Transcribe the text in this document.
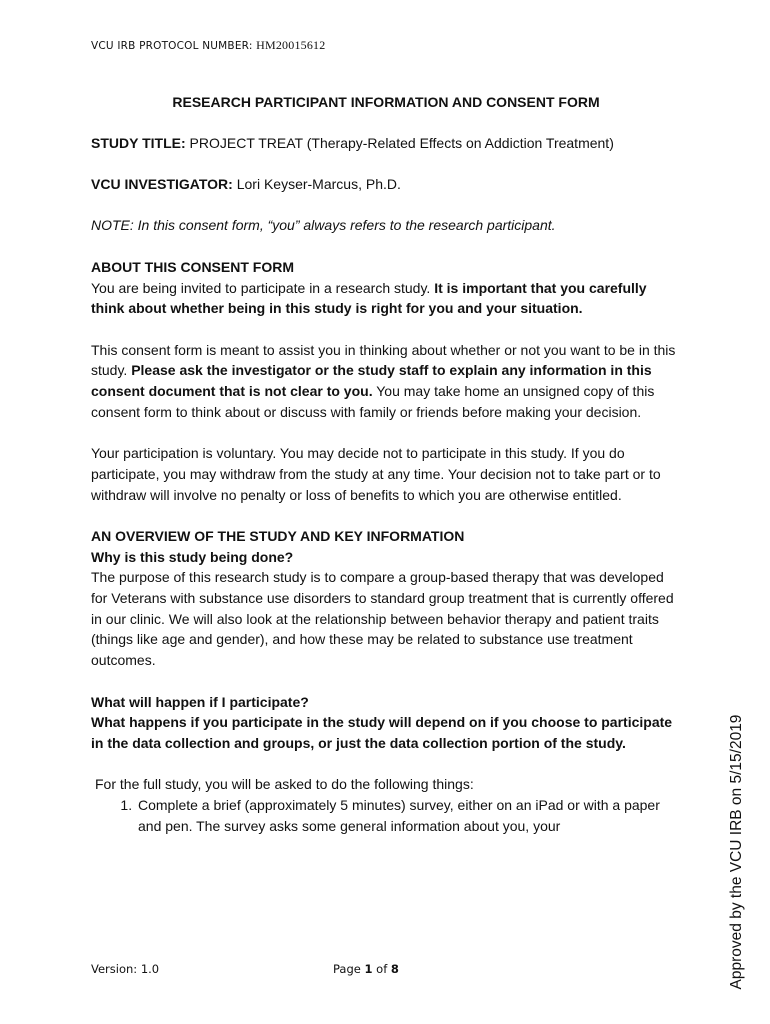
VCU IRB PROTOCOL NUMBER: HM20015612

RESEARCH PARTICIPANT INFORMATION AND CONSENT FORM

STUDY TITLE: PROJECT TREAT (Therapy-Related Effects on Addiction Treatment)

VCU INVESTIGATOR: Lori Keyser-Marcus, Ph.D.

NOTE: In this consent form, “you” always refers to the research participant.

ABOUT THIS CONSENT FORM

You are being invited to participate in a research study. It is important that you carefully think about whether being in this study is right for you and your situation.

This consent form is meant to assist you in thinking about whether or not you want to be in this study. Please ask the investigator or the study staff to explain any information in this consent document that is not clear to you. You may take home an unsigned copy of this consent form to think about or discuss with family or friends before making your decision.

Your participation is voluntary. You may decide not to participate in this study. If you do participate, you may withdraw from the study at any time. Your decision not to take part or to withdraw will involve no penalty or loss of benefits to which you are otherwise entitled.

AN OVERVIEW OF THE STUDY AND KEY INFORMATION

Why is this study being done?

The purpose of this research study is to compare a group-based therapy that was developed for Veterans with substance use disorders to standard group treatment that is currently offered in our clinic. We will also look at the relationship between behavior therapy and patient traits (things like age and gender), and how these may be related to substance use treatment outcomes.

What will happen if I participate?

What happens if you participate in the study will depend on if you choose to participate in the data collection and groups, or just the data collection portion of the study.

For the full study, you will be asked to do the following things:

1. Complete a brief (approximately 5 minutes) survey, either on an iPad or with a paper and pen. The survey asks some general information about you, your
Version: 1.0	Page 1 of 8	Approved by the VCU IRB on 5/15/2019
